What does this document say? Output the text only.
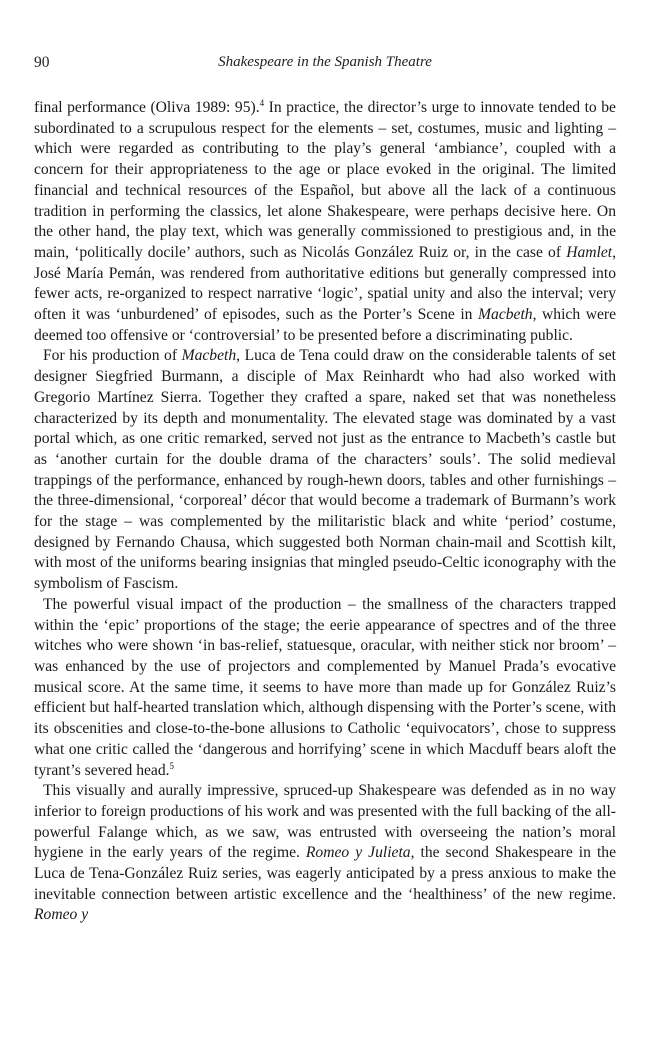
90	Shakespeare in the Spanish Theatre

final performance (Oliva 1989: 95).$^4$ In practice, the director’s urge to innovate tended to be subordinated to a scrupulous respect for the elements – set, costumes, music and lighting – which were regarded as contributing to the play’s general ‘ambiance’, coupled with a concern for their appropriateness to the age or place evoked in the original. The limited financial and technical resources of the Español, but above all the lack of a continuous tradition in performing the classics, let alone Shakespeare, were perhaps decisive here. On the other hand, the play text, which was generally commissioned to prestigious and, in the main, ‘politically docile’ authors, such as Nicolás González Ruiz or, in the case of Hamlet, José María Pemán, was rendered from authoritative editions but generally compressed into fewer acts, re-organized to respect narrative ‘logic’, spatial unity and also the interval; very often it was ‘unburdened’ of episodes, such as the Porter’s Scene in Macbeth, which were deemed too offensive or ‘controversial’ to be presented before a discriminating public.

For his production of Macbeth, Luca de Tena could draw on the considerable talents of set designer Siegfried Burmann, a disciple of Max Reinhardt who had also worked with Gregorio Martínez Sierra. Together they crafted a spare, naked set that was nonetheless characterized by its depth and monumentality. The elevated stage was dominated by a vast portal which, as one critic remarked, served not just as the entrance to Macbeth’s castle but as ‘another curtain for the double drama of the characters’ souls’. The solid medieval trappings of the performance, enhanced by rough-hewn doors, tables and other furnishings – the three-dimensional, ‘corporeal’ décor that would become a trademark of Burmann’s work for the stage – was complemented by the militaristic black and white ‘period’ costume, designed by Fernando Chausa, which suggested both Norman chain-mail and Scottish kilt, with most of the uniforms bearing insignias that mingled pseudo-Celtic iconography with the symbolism of Fascism.

The powerful visual impact of the production – the smallness of the characters trapped within the ‘epic’ proportions of the stage; the eerie appearance of spectres and of the three witches who were shown ‘in bas-relief, statuesque, oracular, with neither stick nor broom’ – was enhanced by the use of projectors and complemented by Manuel Prada’s evocative musical score. At the same time, it seems to have more than made up for González Ruiz’s efficient but half-hearted translation which, although dispensing with the Porter’s scene, with its obscenities and close-to-the-bone allusions to Catholic ‘equivocators’, chose to suppress what one critic called the ‘dangerous and horrifying’ scene in which Macduff bears aloft the tyrant’s severed head.$^5$

This visually and aurally impressive, spruced-up Shakespeare was defended as in no way inferior to foreign productions of his work and was presented with the full backing of the all-powerful Falange which, as we saw, was entrusted with overseeing the nation’s moral hygiene in the early years of the regime. Romeo y Julieta, the second Shakespeare in the Luca de Tena-González Ruiz series, was eagerly anticipated by a press anxious to make the inevitable connection between artistic excellence and the ‘healthiness’ of the new regime. Romeo y
